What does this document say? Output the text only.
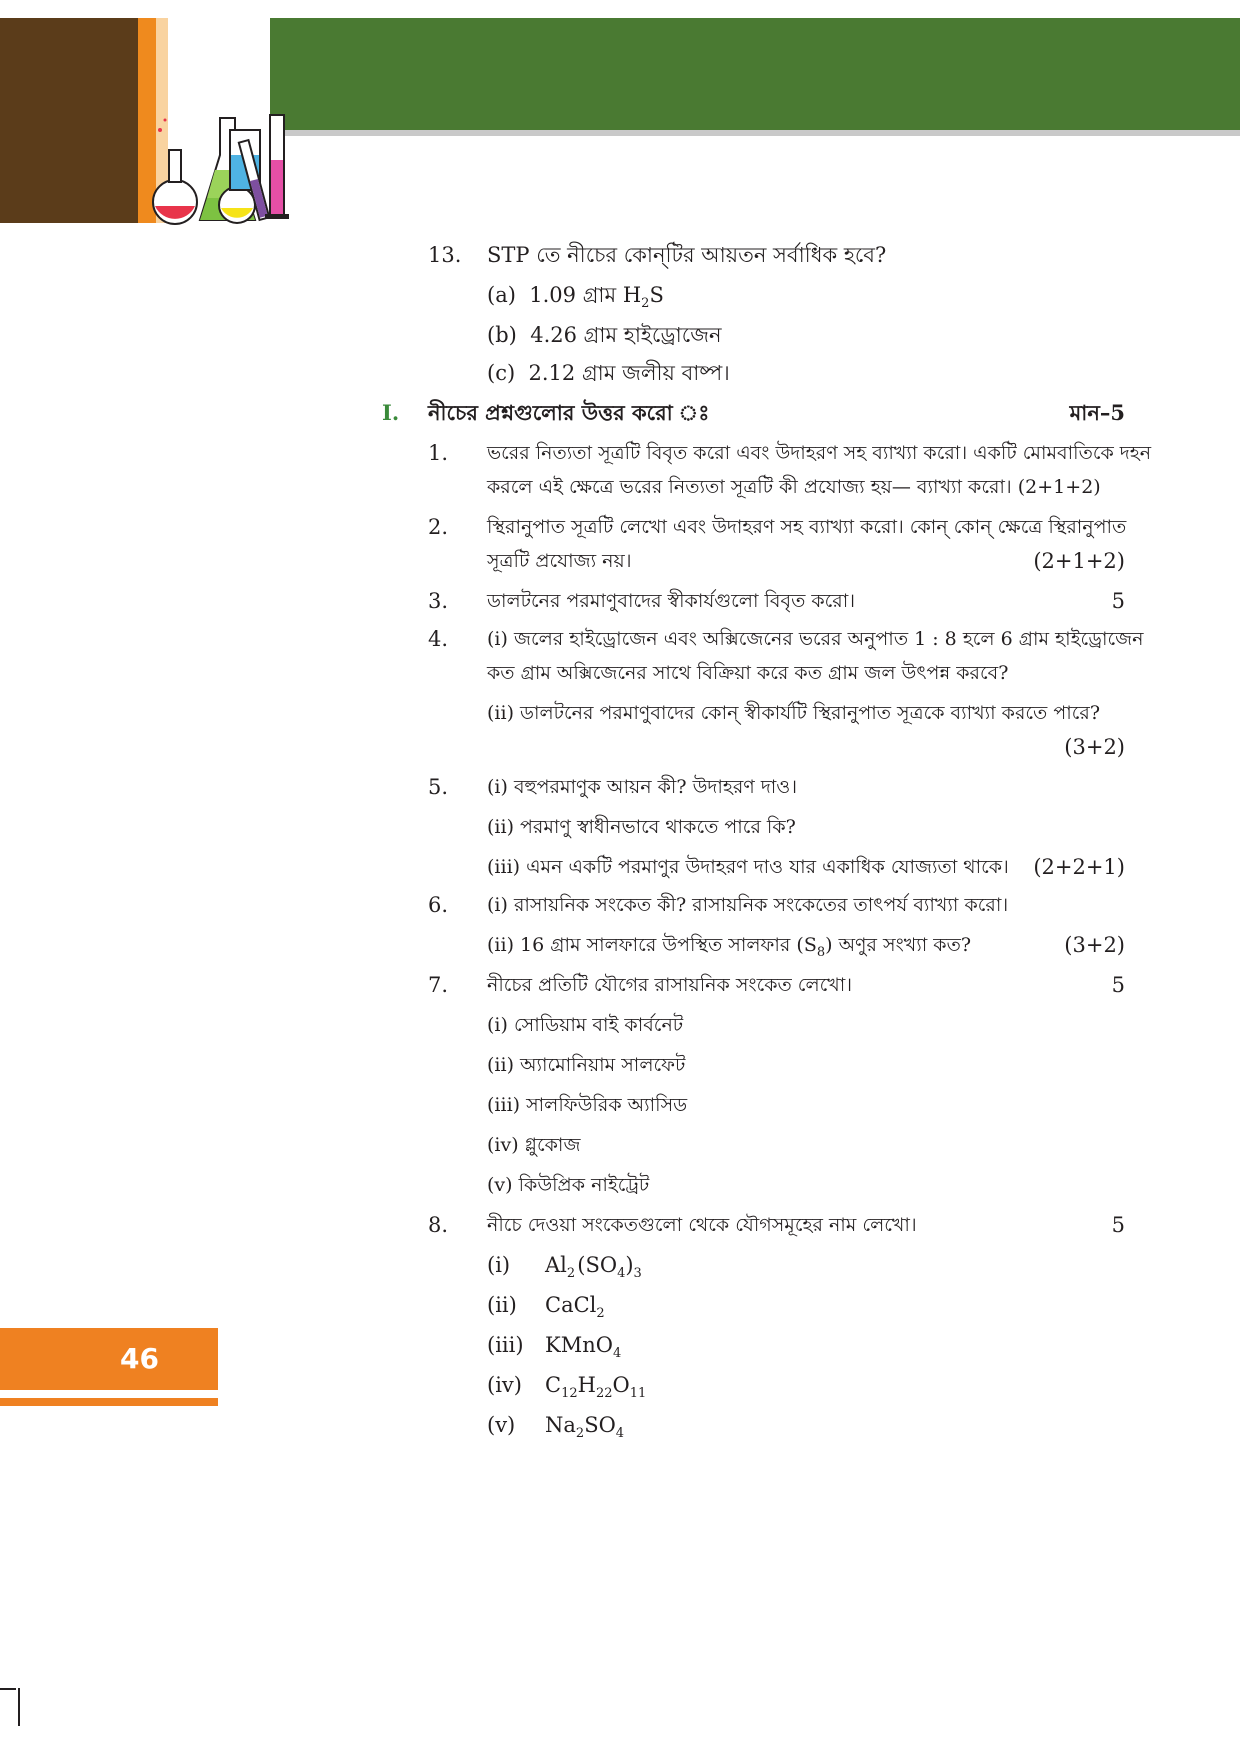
13. STP তে নীচের কোন্‌টির আয়তন সর্বাধিক হবে?
(a) 1.09 গ্রাম $H_2S$
(b) 4.26 গ্রাম হাইড্রোজেন
(c) 2.12 গ্রাম জলীয় বাষ্প।
I. নীচের প্রশ্নগুলোর উত্তর করো ঃ	মান–5
1. ভরের নিত্যতা সূত্রটি বিবৃত করো এবং উদাহরণ সহ ব্যাখ্যা করো। একটি মোমবাতিকে দহন
করলে এই ক্ষেত্রে ভরের নিত্যতা সূত্রটি কী প্রযোজ্য হয়— ব্যাখ্যা করো। (2+1+2)
2. স্থিরানুপাত সূত্রটি লেখো এবং উদাহরণ সহ ব্যাখ্যা করো। কোন্‌ কোন্‌ ক্ষেত্রে স্থিরানুপাত
সূত্রটি প্রযোজ্য নয়।	(2+1+2)
3. ডালটনের পরমাণুবাদের স্বীকার্যগুলো বিবৃত করো।	5
4. (i) জলের হাইড্রোজেন এবং অক্সিজেনের ভরের অনুপাত 1 : 8 হলে 6 গ্রাম হাইড্রোজেন
কত গ্রাম অক্সিজেনের সাথে বিক্রিয়া করে কত গ্রাম জল উৎপন্ন করবে?
(ii) ডালটনের পরমাণুবাদের কোন্‌ স্বীকার্যটি স্থিরানুপাত সূত্রকে ব্যাখ্যা করতে পারে?
(3+2)
5. (i) বহুপরমাণুক আয়ন কী? উদাহরণ দাও।
(ii) পরমাণু স্বাধীনভাবে থাকতে পারে কি?
(iii) এমন একটি পরমাণুর উদাহরণ দাও যার একাধিক যোজ্যতা থাকে। (2+2+1)
6. (i) রাসায়নিক সংকেত কী? রাসায়নিক সংকেতের তাৎপর্য ব্যাখ্যা করো।
(ii) 16 গ্রাম সালফারে উপস্থিত সালফার $(S_8)$ অণুর সংখ্যা কত?	(3+2)
7. নীচের প্রতিটি যৌগের রাসায়নিক সংকেত লেখো।	5
(i) সোডিয়াম বাই কার্বনেট
(ii) অ্যামোনিয়াম সালফেট
(iii) সালফিউরিক অ্যাসিড
(iv) গ্লুকোজ
(v) কিউপ্রিক নাইট্রেট
8. নীচে দেওয়া সংকেতগুলো থেকে যৌগসমূহের নাম লেখো।	5
(i) $Al_2$ $(SO_4)_3$
(ii) CaCl$_2$
(iii) KMnO$_4$
(iv) $C_{12}H_{22}O_{11}$
(v) $Na_2SO_4$
46
